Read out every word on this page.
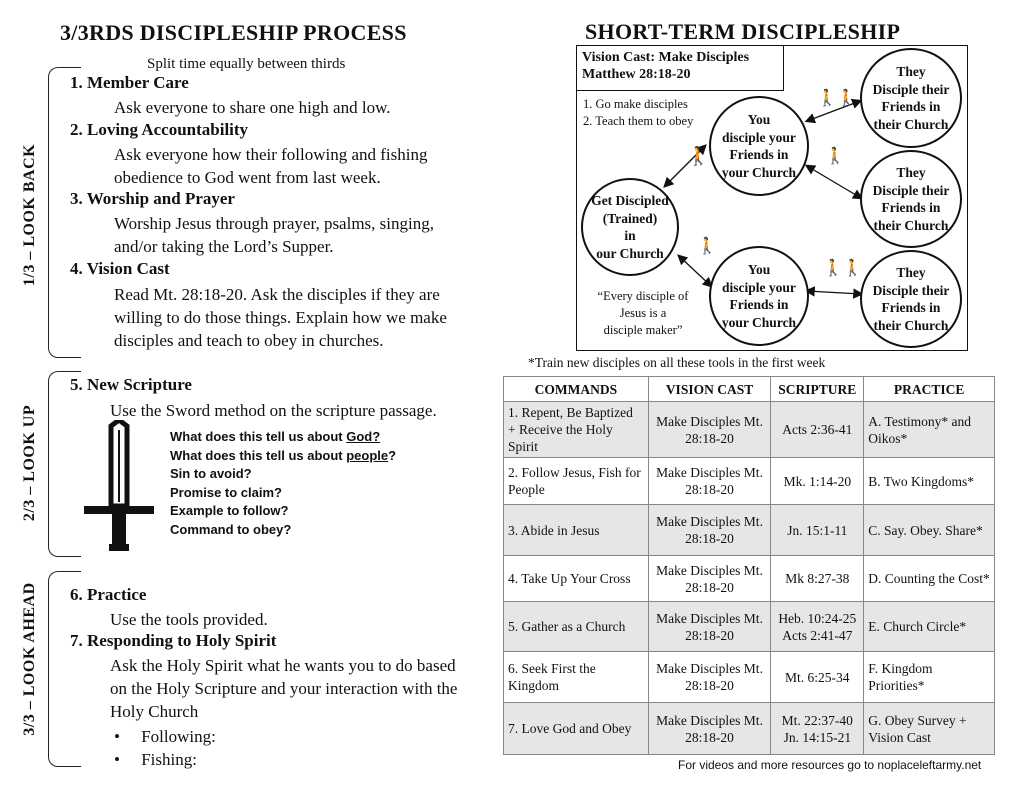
3/3RDS DISCIPLESHIP PROCESS
Split time equally between thirds
1/3 – LOOK BACK
2/3 – LOOK UP
3/3 – LOOK AHEAD
1. Member Care
Ask everyone to share one high and low.
2. Loving Accountability
Ask everyone how their following and fishing
obedience to God went from last week.
3. Worship and Prayer
Worship Jesus through prayer, psalms, singing,
and/or taking the Lord’s Supper.
4. Vision Cast
Read Mt. 28:18-20. Ask the disciples if they are
willing to do those things. Explain how we make
disciples and teach to obey in churches.
5. New Scripture
Use the Sword method on the scripture passage.
What does this tell us about God?
What does this tell us about people?
Sin to avoid?
Promise to claim?
Example to follow?
Command to obey?
6. Practice
Use the tools provided.
7. Responding to Holy Spirit
Ask the Holy Spirit what he wants you to do based
on the Holy Scripture and your interaction with the
Holy Church
•     Following:
•     Fishing:
SHORT-TERM DISCIPLESHIP
Vision Cast: Make Disciples
Matthew 28:18-20
1. Go make disciples
2. Teach them to obey
🚶
🚶🚶
🚶
🚶
🚶🚶
Get Discipled
(Trained)
in
our Church
You
disciple your
Friends in
your Church
You
disciple your
Friends in
your Church
They
Disciple their
Friends in
their Church
They
Disciple their
Friends in
their Church
They
Disciple their
Friends in
their Church
“Every disciple of
Jesus is a
disciple maker”
*Train new disciples on all these tools in the first week
COMMANDS	VISION CAST	SCRIPTURE	PRACTICE
1. Repent, Be Baptized + Receive the Holy Spirit	Make Disciples Mt. 28:18-20	Acts 2:36-41	A. Testimony* and Oikos*
2. Follow Jesus, Fish for People	Make Disciples Mt. 28:18-20	Mk. 1:14-20	B. Two Kingdoms*
3. Abide in Jesus	Make Disciples Mt. 28:18-20	Jn. 15:1-11	C. Say. Obey. Share*
4. Take Up Your Cross	Make Disciples Mt. 28:18-20	Mk 8:27-38	D. Counting the Cost*
5. Gather as a Church	Make Disciples Mt. 28:18-20	Heb. 10:24-25 Acts 2:41-47	E. Church Circle*
6. Seek First the Kingdom	Make Disciples Mt. 28:18-20	Mt. 6:25-34	F. Kingdom Priorities*
7. Love God and Obey	Make Disciples Mt. 28:18-20	Mt. 22:37-40 Jn. 14:15-21	G. Obey Survey + Vision Cast
For videos and more resources go to noplaceleftarmy.net
